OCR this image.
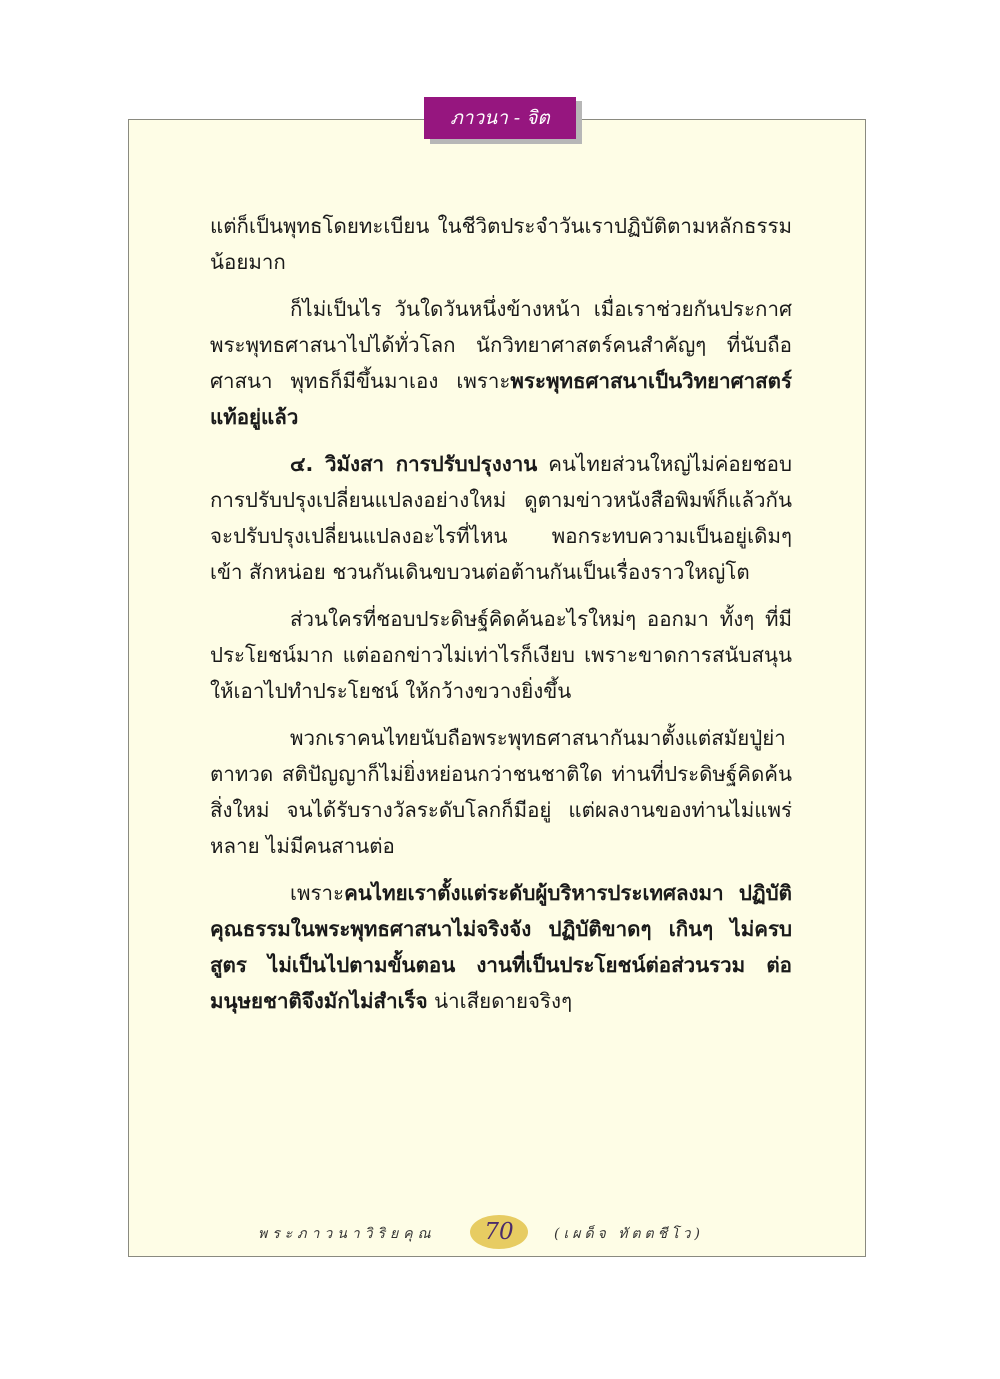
ภาวนา - จิต

แต่ก็เป็นพุทธโดยทะเบียน ในชีวิตประจำวันเราปฏิบัติตามหลักธรรม น้อยมาก

ก็ไม่เป็นไร วันใดวันหนึ่งข้างหน้า เมื่อเราช่วยกันประกาศ พระพุทธศาสนาไปได้ทั่วโลก นักวิทยาศาสตร์คนสำคัญๆ ที่นับถือศาสนา พุทธก็มีขึ้นมาเอง เพราะพระพุทธศาสนาเป็นวิทยาศาสตร์แท้อยู่แล้ว

๔. วิมังสา การปรับปรุงงาน คนไทยส่วนใหญ่ไม่ค่อยชอบ การปรับปรุงเปลี่ยนแปลงอย่างใหม่ ดูตามข่าวหนังสือพิมพ์ก็แล้วกัน จะปรับปรุงเปลี่ยนแปลงอะไรที่ไหน พอกระทบความเป็นอยู่เดิมๆ เข้า สักหน่อย ชวนกันเดินขบวนต่อต้านกันเป็นเรื่องราวใหญ่โต

ส่วนใครที่ชอบประดิษฐ์คิดค้นอะไรใหม่ๆ ออกมา ทั้งๆ ที่มี ประโยชน์มาก แต่ออกข่าวไม่เท่าไรก็เงียบ เพราะขาดการสนับสนุน ให้เอาไปทำประโยชน์ ให้กว้างขวางยิ่งขึ้น

พวกเราคนไทยนับถือพระพุทธศาสนากันมาตั้งแต่สมัยปู่ย่า ตาทวด สติปัญญาก็ไม่ยิ่งหย่อนกว่าชนชาติใด ท่านที่ประดิษฐ์คิดค้น สิ่งใหม่ จนได้รับรางวัลระดับโลกก็มีอยู่ แต่ผลงานของท่านไม่แพร่หลาย ไม่มีคนสานต่อ

เพราะคนไทยเราตั้งแต่ระดับผู้บริหารประเทศลงมา ปฏิบัติ คุณธรรมในพระพุทธศาสนาไม่จริงจัง ปฏิบัติขาดๆ เกินๆ ไม่ครบ สูตร ไม่เป็นไปตามขั้นตอน งานที่เป็นประโยชน์ต่อส่วนรวม ต่อ มนุษยชาติจึงมักไม่สำเร็จ น่าเสียดายจริงๆ

พระภาวนาวิริยคุณ	70	(เผด็จ ทัตตชีโว)
